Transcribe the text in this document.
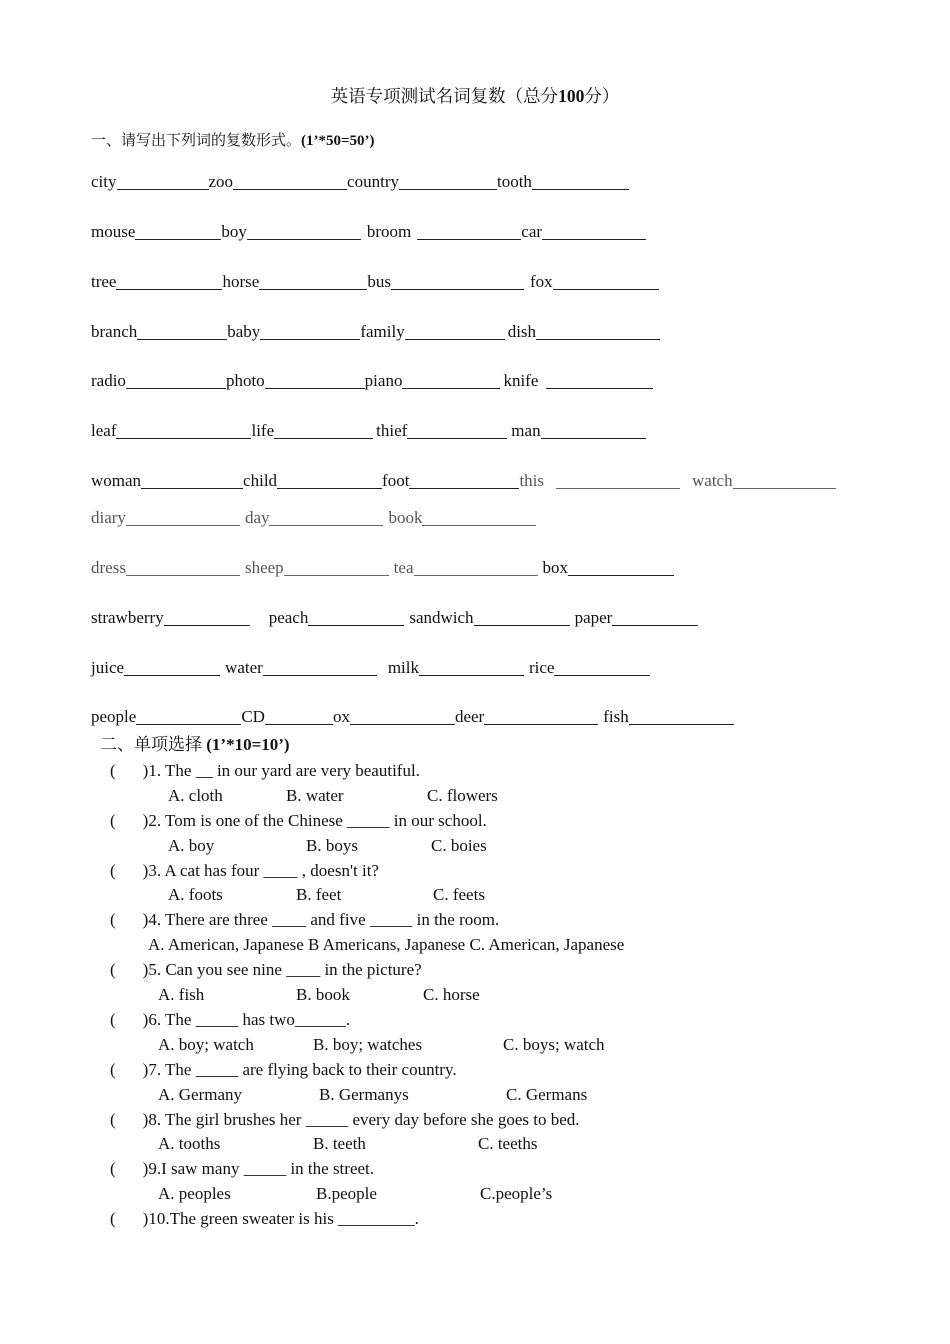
英语专项测试名词复数（总分100分）
一、请写出下列词的复数形式。(1’*50=50’)
city	zoo	country	tooth
mouse	boy	broom	car
tree	horse	bus	fox
branch	baby	family	dish
radio	photo	piano	knife
leaf	life	thief	man
woman	child	foot	this	watch
diary	day	book
dress	sheep	tea	box
strawberry	peach	sandwich	paper
juice	water	milk	rice
people	CD	ox	deer	fish
二、单项选择 (1’*10=10’)
( )1. The __ in our yard are very beautiful.
A. cloth	B. water	C. flowers
( )2. Tom is one of the Chinese _____ in our school.
A. boy	B. boys	C. boies
( )3. A cat has four ____ , doesn't it?
A. foots	B. feet	C. feets
( )4. There are three ____ and five _____ in the room.
A. American, Japanese B Americans, Japanese C. American, Japanese
( )5. Can you see nine ____ in the picture?
A. fish	B. book	C. horse
( )6. The _____ has two______.
A. boy; watch	B. boy; watches	C. boys; watch
( )7. The _____ are flying back to their country.
A. Germany	B. Germanys	C. Germans
( )8. The girl brushes her _____ every day before she goes to bed.
A. tooths	B. teeth	C. teeths
( )9.I saw many _____ in the street.
A. peoples	B.people	C.people’s
( )10.The green sweater is his _________.
